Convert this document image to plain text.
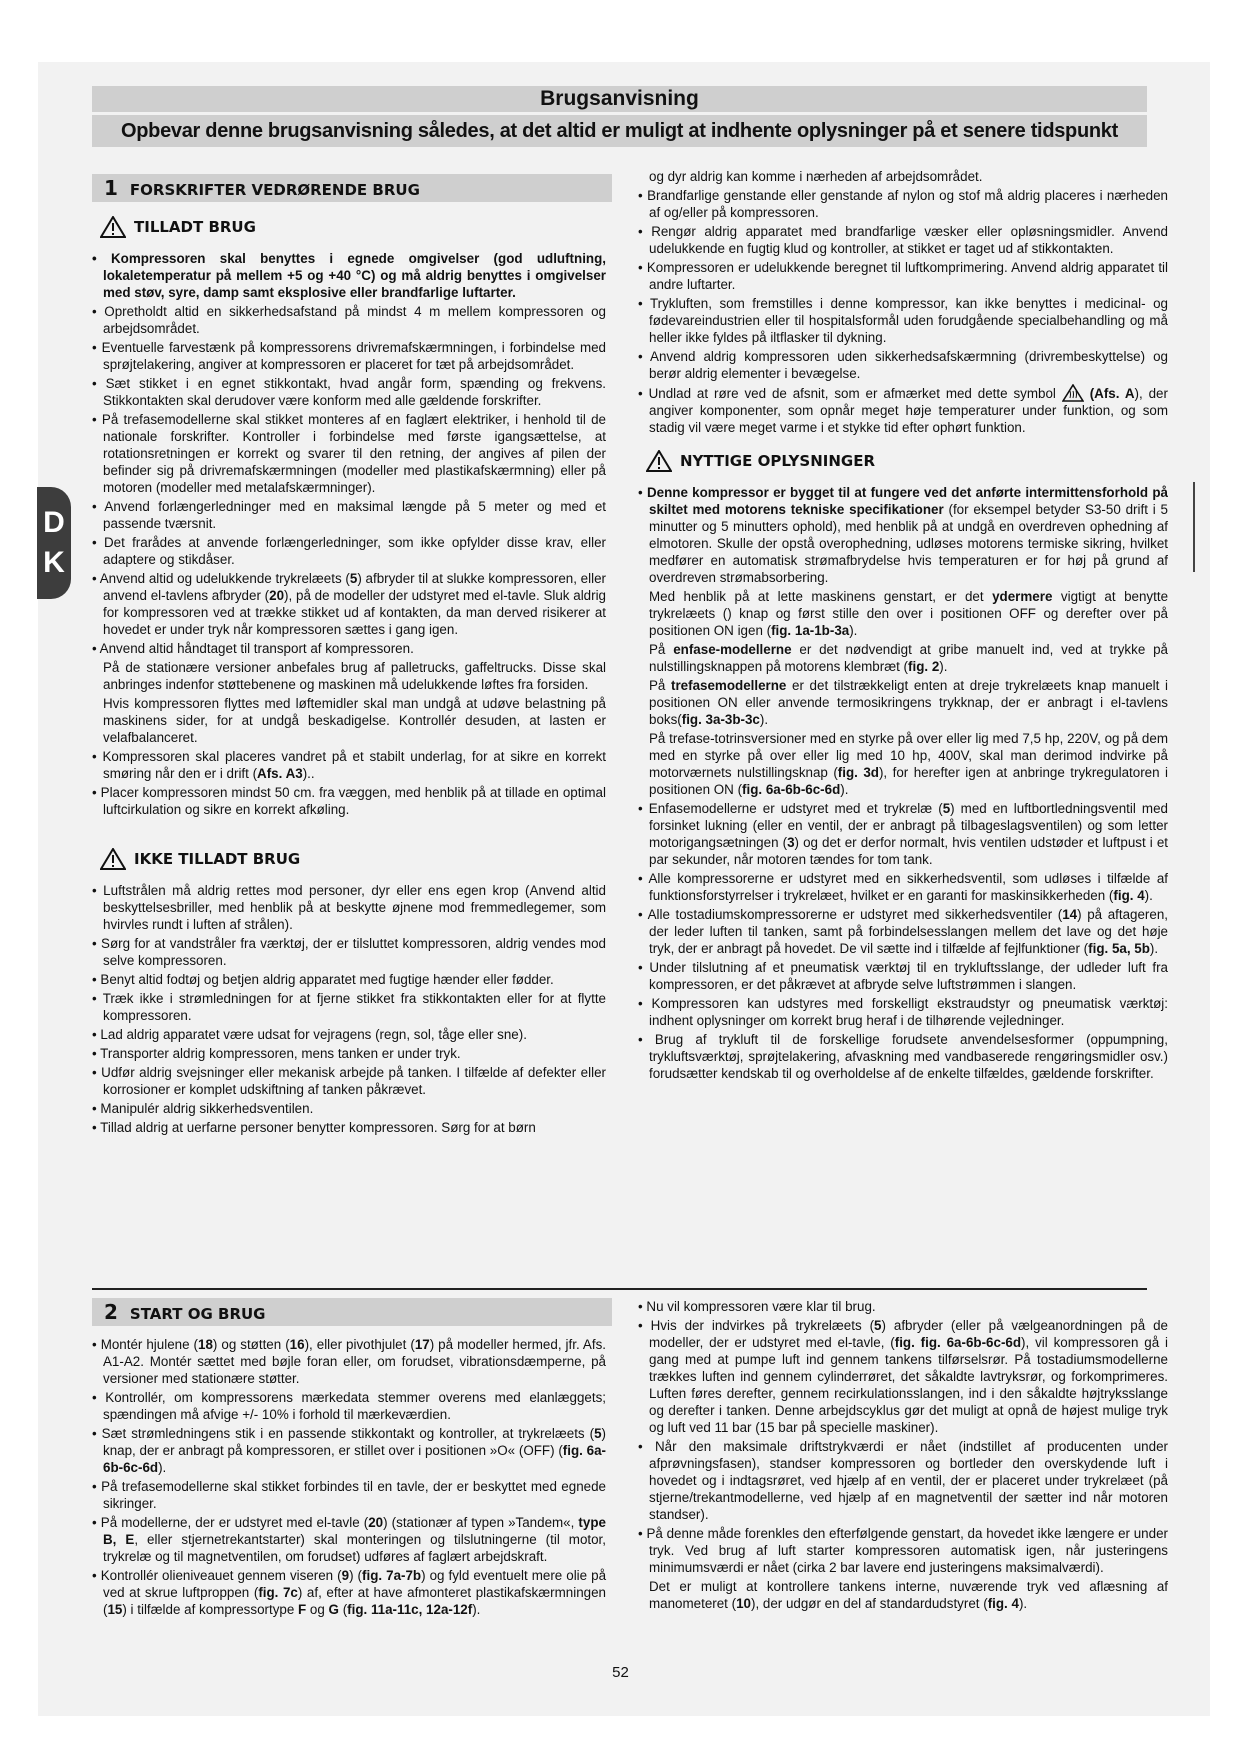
Brugsanvisning
Opbevar denne brugsanvisning således, at det altid er muligt at indhente oplysninger på et senere tidspunkt
D
K
1 FORSKRIFTER VEDRØRENDE BRUG
TILLADT BRUG

• Kompressoren skal benyttes i egnede omgivelser (god udluftning, lokaletemperatur på mellem +5 og +40 °C) og må aldrig benyttes i omgivelser med støv, syre, damp samt eksplosive eller brandfarlige luftarter.

• Opretholdt altid en sikkerhedsafstand på mindst 4 m mellem kompressoren og arbejdsområdet.

• Eventuelle farvestænk på kompressorens drivremafskærmningen, i forbindelse med sprøjtelakering, angiver at kompressoren er placeret for tæt på arbejdsområdet.

• Sæt stikket i en egnet stikkontakt, hvad angår form, spænding og frekvens. Stikkontakten skal derudover være konform med alle gældende forskrifter.

• På trefasemodellerne skal stikket monteres af en faglært elektriker, i henhold til de nationale forskrifter. Kontroller i forbindelse med første igangsættelse, at rotationsretningen er korrekt og svarer til den retning, der angives af pilen der befinder sig på drivremafskærmningen (modeller med plastikafskærmning) eller på motoren (modeller med metalafskærmninger).

• Anvend forlængerledninger med en maksimal længde på 5 meter og med et passende tværsnit.

• Det frarådes at anvende forlængerledninger, som ikke opfylder disse krav, eller adaptere og stikdåser.

• Anvend altid og udelukkende trykrelæets (5) afbryder til at slukke kompressoren, eller anvend el-tavlens afbryder (20), på de modeller der udstyret med el-tavle. Sluk aldrig for kompressoren ved at trække stikket ud af kontakten, da man derved risikerer at hovedet er under tryk når kompressoren sættes i gang igen.

• Anvend altid håndtaget til transport af kompressoren.

På de stationære versioner anbefales brug af palletrucks, gaffeltrucks. Disse skal anbringes indenfor støttebenene og maskinen må udelukkende løftes fra forsiden.

Hvis kompressoren flyttes med løftemidler skal man undgå at udøve belastning på maskinens sider, for at undgå beskadigelse. Kontrollér desuden, at lasten er velafbalanceret.

• Kompressoren skal placeres vandret på et stabilt underlag, for at sikre en korrekt smøring når den er i drift (Afs. A3)..

• Placer kompressoren mindst 50 cm. fra væggen, med henblik på at tillade en optimal luftcirkulation og sikre en korrekt afkøling.

IKKE TILLADT BRUG

• Luftstrålen må aldrig rettes mod personer, dyr eller ens egen krop (Anvend altid beskyttelsesbriller, med henblik på at beskytte øjnene mod fremmedlegemer, som hvirvles rundt i luften af strålen).

• Sørg for at vandstråler fra værktøj, der er tilsluttet kompressoren, aldrig vendes mod selve kompressoren.

• Benyt altid fodtøj og betjen aldrig apparatet med fugtige hænder eller fødder.

• Træk ikke i strømledningen for at fjerne stikket fra stikkontakten eller for at flytte kompressoren.

• Lad aldrig apparatet være udsat for vejragens (regn, sol, tåge eller sne).

• Transporter aldrig kompressoren, mens tanken er under tryk.

• Udfør aldrig svejsninger eller mekanisk arbejde på tanken. I tilfælde af defekter eller korrosioner er komplet udskiftning af tanken påkrævet.

• Manipulér aldrig sikkerhedsventilen.

• Tillad aldrig at uerfarne personer benytter kompressoren. Sørg for at børn

og dyr aldrig kan komme i nærheden af arbejdsområdet.

• Brandfarlige genstande eller genstande af nylon og stof må aldrig placeres i nærheden af og/eller på kompressoren.

• Rengør aldrig apparatet med brandfarlige væsker eller opløsningsmidler. Anvend udelukkende en fugtig klud og kontroller, at stikket er taget ud af stikkontakten.

• Kompressoren er udelukkende beregnet til luftkomprimering. Anvend aldrig apparatet til andre luftarter.

• Trykluften, som fremstilles i denne kompressor, kan ikke benyttes i medicinal- og fødevareindustrien eller til hospitalsformål uden forudgående specialbehandling og må heller ikke fyldes på iltflasker til dykning.

• Anvend aldrig kompressoren uden sikkerhedsafskærmning (drivrembeskyttelse) og berør aldrig elementer i bevægelse.

• Undlad at røre ved de afsnit, som er afmærket med dette symbol	(Afs. A), der angiver komponenter, som opnår meget høje temperaturer under funktion, og som stadig vil være meget varme i et stykke tid efter ophørt funktion.

NYTTIGE OPLYSNINGER

• Denne kompressor er bygget til at fungere ved det anførte intermittensforhold på skiltet med motorens tekniske specifikationer (for eksempel betyder S3-50 drift i 5 minutter og 5 minutters ophold), med henblik på at undgå en overdreven ophedning af elmotoren. Skulle der opstå overophedning, udløses motorens termiske sikring, hvilket medfører en automatisk strømafbrydelse hvis temperaturen er for høj på grund af overdreven strømabsorbering.

Med henblik på at lette maskinens genstart, er det ydermere vigtigt at benytte trykrelæets () knap og først stille den over i positionen OFF og derefter over på positionen ON igen (fig. 1a-1b-3a).

På enfase-modellerne er det nødvendigt at gribe manuelt ind, ved at trykke på nulstillingsknappen på motorens klembræt (fig. 2).

På trefasemodellerne er det tilstrækkeligt enten at dreje trykrelæets knap manuelt i positionen ON eller anvende termosikringens trykknap, der er anbragt i el-tavlens boks(fig. 3a-3b-3c).

På trefase-totrinsversioner med en styrke på over eller lig med 7,5 hp, 220V, og på dem med en styrke på over eller lig med 10 hp, 400V, skal man derimod indvirke på motorværnets nulstillingsknap (fig. 3d), for herefter igen at anbringe trykregulatoren i positionen ON (fig. 6a-6b-6c-6d).

• Enfasemodellerne er udstyret med et trykrelæ (5) med en luftbortledningsventil med forsinket lukning (eller en ventil, der er anbragt på tilbageslagsventilen) og som letter motorigangsætningen (3) og det er derfor normalt, hvis ventilen udstøder et luftpust i et par sekunder, når motoren tændes for tom tank.

• Alle kompressorerne er udstyret med en sikkerhedsventil, som udløses i tilfælde af funktionsforstyrrelser i trykrelæet, hvilket er en garanti for maskinsikkerheden (fig. 4).

• Alle tostadiumskompressorerne er udstyret med sikkerhedsventiler (14) på aftageren, der leder luften til tanken, samt på forbindelsesslangen mellem det lave og det høje tryk, der er anbragt på hovedet. De vil sætte ind i tilfælde af fejlfunktioner (fig. 5a, 5b).

• Under tilslutning af et pneumatisk værktøj til en trykluftsslange, der udleder luft fra kompressoren, er det påkrævet at afbryde selve luftstrømmen i slangen.

• Kompressoren kan udstyres med forskelligt ekstraudstyr og pneumatisk værktøj: indhent oplysninger om korrekt brug heraf i de tilhørende vejledninger.

• Brug af trykluft til de forskellige forudsete anvendelsesformer (oppumpning, trykluftsværktøj, sprøjtelakering, afvaskning med vandbaserede rengøringsmidler osv.) forudsætter kendskab til og overholdelse af de enkelte tilfældes, gældende forskrifter.

2 START OG BRUG

• Montér hjulene (18) og støtten (16), eller pivothjulet (17) på modeller hermed, jfr. Afs. A1-A2. Montér sættet med bøjle foran eller, om forudset, vibrationsdæmperne, på versioner med stationære støtter.

• Kontrollér, om kompressorens mærkedata stemmer overens med elanlæggets; spændingen må afvige +/- 10% i forhold til mærkeværdien.

• Sæt strømledningens stik i en passende stikkontakt og kontroller, at trykrelæets (5) knap, der er anbragt på kompressoren, er stillet over i positionen »O« (OFF) (fig. 6a-6b-6c-6d).

• På trefasemodellerne skal stikket forbindes til en tavle, der er beskyttet med egnede sikringer.

• På modellerne, der er udstyret med el-tavle (20) (stationær af typen »Tandem«, type B, E, eller stjernetrekantstarter) skal monteringen og tilslutningerne (til motor, trykrelæ og til magnetventilen, om forudset) udføres af faglært arbejdskraft.

• Kontrollér olieniveauet gennem viseren (9) (fig. 7a-7b) og fyld eventuelt mere olie på ved at skrue luftproppen (fig. 7c) af, efter at have afmonteret plastikafskærmningen (15) i tilfælde af kompressortype F og G (fig. 11a-11c, 12a-12f).

• Nu vil kompressoren være klar til brug.

• Hvis der indvirkes på trykrelæets (5) afbryder (eller på vælgeanordningen på de modeller, der er udstyret med el-tavle, (fig. fig. 6a-6b-6c-6d), vil kompressoren gå i gang med at pumpe luft ind gennem tankens tilførselsrør. På tostadiumsmodellerne trækkes luften ind gennem cylinderrøret, det såkaldte lavtryksrør, og forkomprimeres. Luften føres derefter, gennem recirkulationsslangen, ind i den såkaldte højtryksslange og derefter i tanken. Denne arbejdscyklus gør det muligt at opnå de højest mulige tryk og luft ved 11 bar (15 bar på specielle maskiner).

• Når den maksimale driftstrykværdi er nået (indstillet af producenten under afprøvningsfasen), standser kompressoren og bortleder den overskydende luft i hovedet og i indtagsrøret, ved hjælp af en ventil, der er placeret under trykrelæet (på stjerne/trekantmodellerne, ved hjælp af en magnetventil der sætter ind når motoren standser).

• På denne måde forenkles den efterfølgende genstart, da hovedet ikke længere er under tryk. Ved brug af luft starter kompressoren automatisk igen, når justeringens minimumsværdi er nået (cirka 2 bar lavere end justeringens maksimalværdi).

Det er muligt at kontrollere tankens interne, nuværende tryk ved aflæsning af manometeret (10), der udgør en del af standardudstyret (fig. 4).

52
